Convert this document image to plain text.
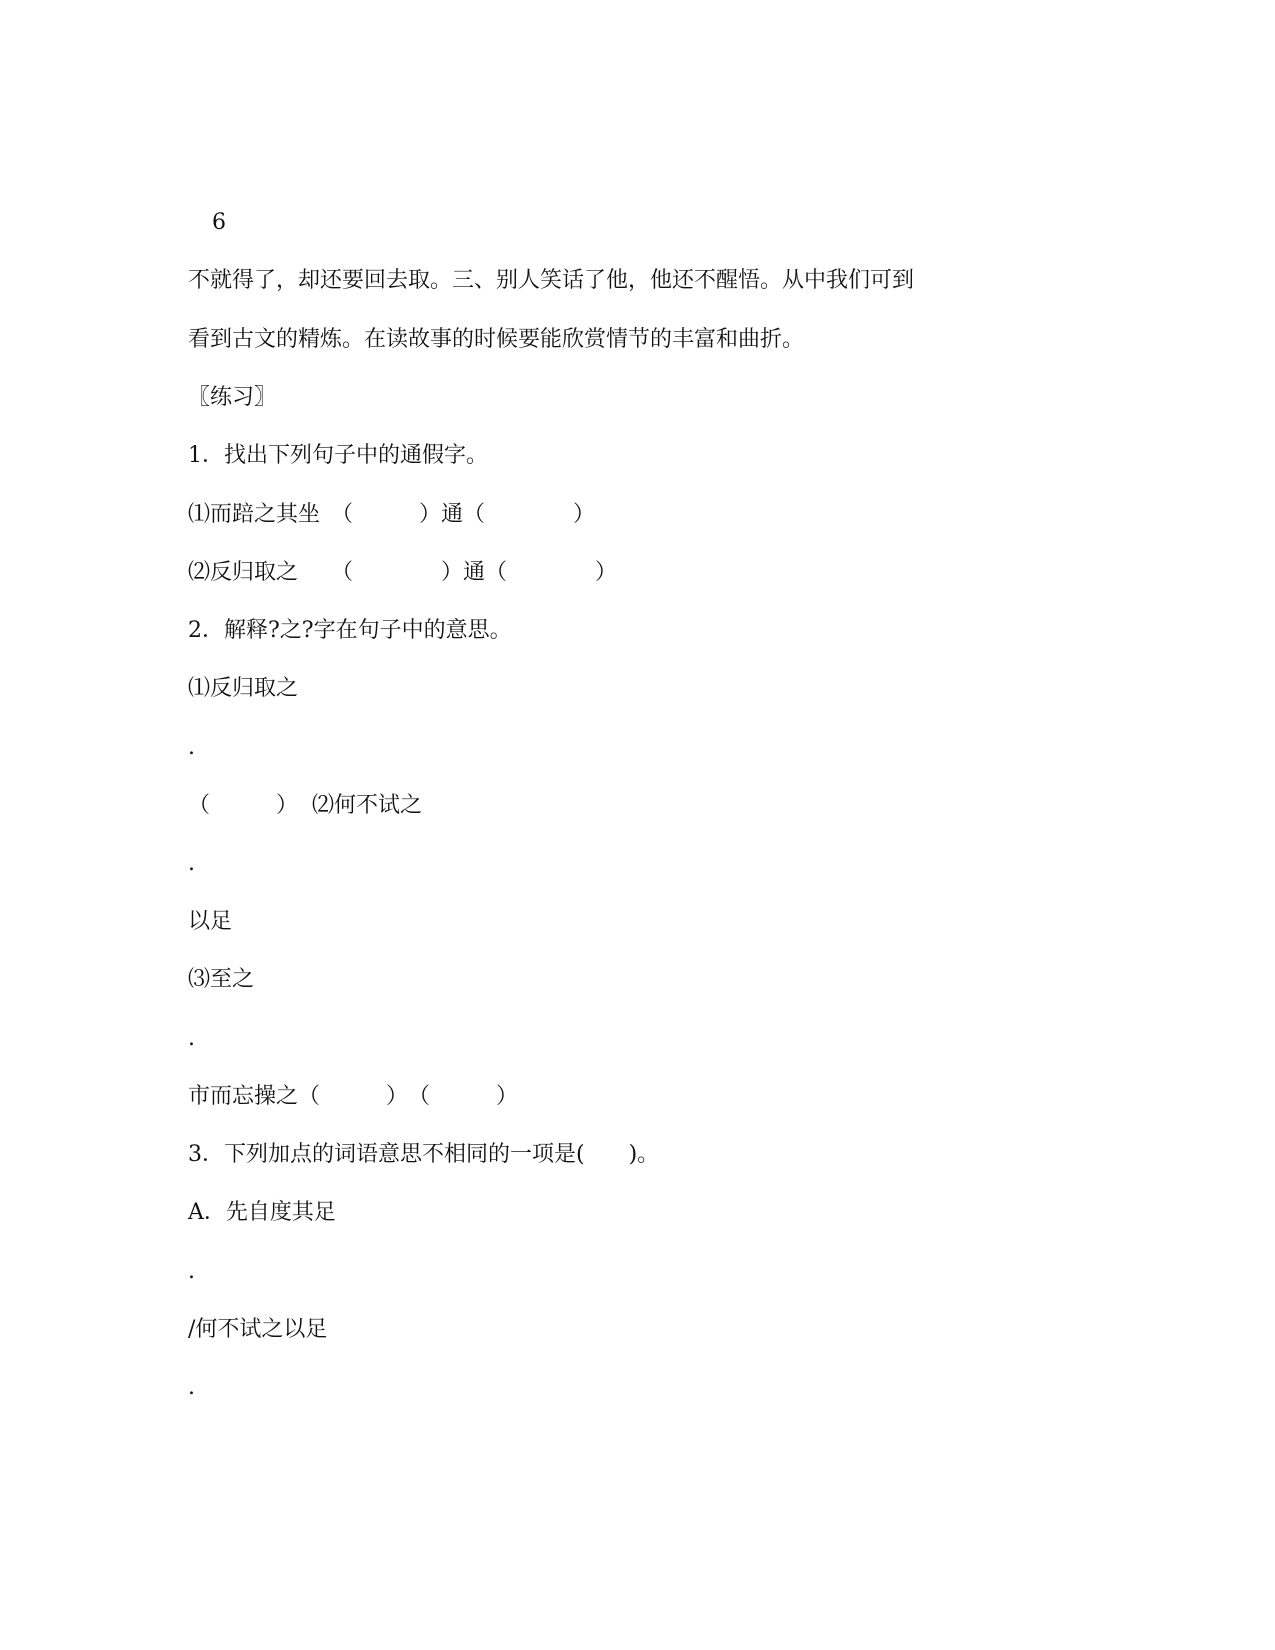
6
不就得了，却还要回去取。三、别人笑话了他，他还不醒悟。从中我们可到
看到古文的精炼。在读故事的时候要能欣赏情节的丰富和曲折。
〖练习〗
1．找出下列句子中的通假字。
⑴而踣之其坐　（　　　）通（　　　　）
⑵反归取之　　（　　　　）通（　　　　）
2．解释?之?字在句子中的意思。
⑴反归取之
.
（　　　）  ⑵何不试之
.
以足
⑶至之
.
市而忘操之（　　　）　（　　　）
3．下列加点的词语意思不相同的一项是(　　)。
A．先自度其足
.
/何不试之以足
.
